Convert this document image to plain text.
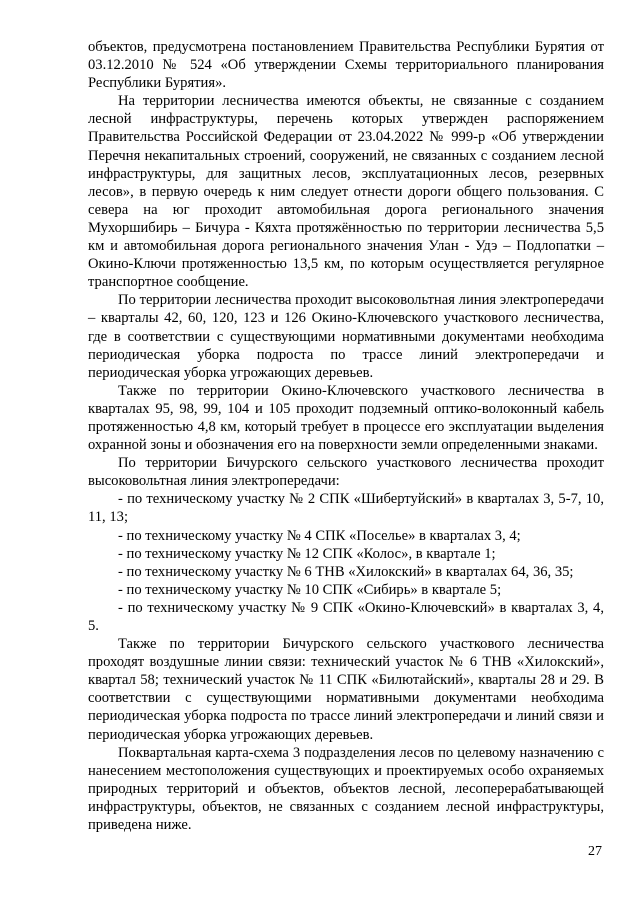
объектов, предусмотрена постановлением Правительства Республики Бурятия от 03.12.2010 № 524 «Об утверждении Схемы территориального планирования Республики Бурятия».

На территории лесничества имеются объекты, не связанные с созданием лесной инфраструктуры, перечень которых утвержден распоряжением Правительства Российской Федерации от 23.04.2022 № 999-р «Об утверждении Перечня некапитальных строений, сооружений, не связанных с созданием лесной инфраструктуры, для защитных лесов, эксплуатационных лесов, резервных лесов», в первую очередь к ним следует отнести дороги общего пользования. С севера на юг проходит автомобильная дорога регионального значения Мухоршибирь – Бичура - Кяхта протяжённостью по территории лесничества 5,5 км и автомобильная дорога регионального значения Улан - Удэ – Подлопатки – Окино-Ключи протяженностью 13,5 км, по которым осуществляется регулярное транспортное сообщение.

По территории лесничества проходит высоковольтная линия электропередачи – кварталы 42, 60, 120, 123 и 126 Окино-Ключевского участкового лесничества, где в соответствии с существующими нормативными документами необходима периодическая уборка подроста по трассе линий электропередачи и периодическая уборка угрожающих деревьев.

Также по территории Окино-Ключевского участкового лесничества в кварталах 95, 98, 99, 104 и 105 проходит подземный оптико-волоконный кабель протяженностью 4,8 км, который требует в процессе его эксплуатации выделения охранной зоны и обозначения его на поверхности земли определенными знаками.

По территории Бичурского сельского участкового лесничества проходит высоковольтная линия электропередачи:

- по техническому участку № 2 СПК «Шибертуйский» в кварталах 3, 5-7, 10, 11, 13;

- по техническому участку № 4 СПК «Поселье» в кварталах 3, 4;

- по техническому участку № 12 СПК «Колос», в квартале 1;

- по техническому участку № 6 ТНВ «Хилокский» в кварталах 64, 36, 35;

- по техническому участку № 10 СПК «Сибирь» в квартале 5;

- по техническому участку № 9 СПК «Окино-Ключевский» в кварталах 3, 4, 5.

Также по территории Бичурского сельского участкового лесничества проходят воздушные линии связи: технический участок № 6 ТНВ «Хилокский», квартал 58; технический участок № 11 СПК «Билютайский», кварталы 28 и 29. В соответствии с существующими нормативными документами необходима периодическая уборка подроста по трассе линий электропередачи и линий связи и периодическая уборка угрожающих деревьев.

Поквартальная карта-схема 3 подразделения лесов по целевому назначению с нанесением местоположения существующих и проектируемых особо охраняемых природных территорий и объектов, объектов лесной, лесоперерабатывающей инфраструктуры, объектов, не связанных с созданием лесной инфраструктуры, приведена ниже.

27
